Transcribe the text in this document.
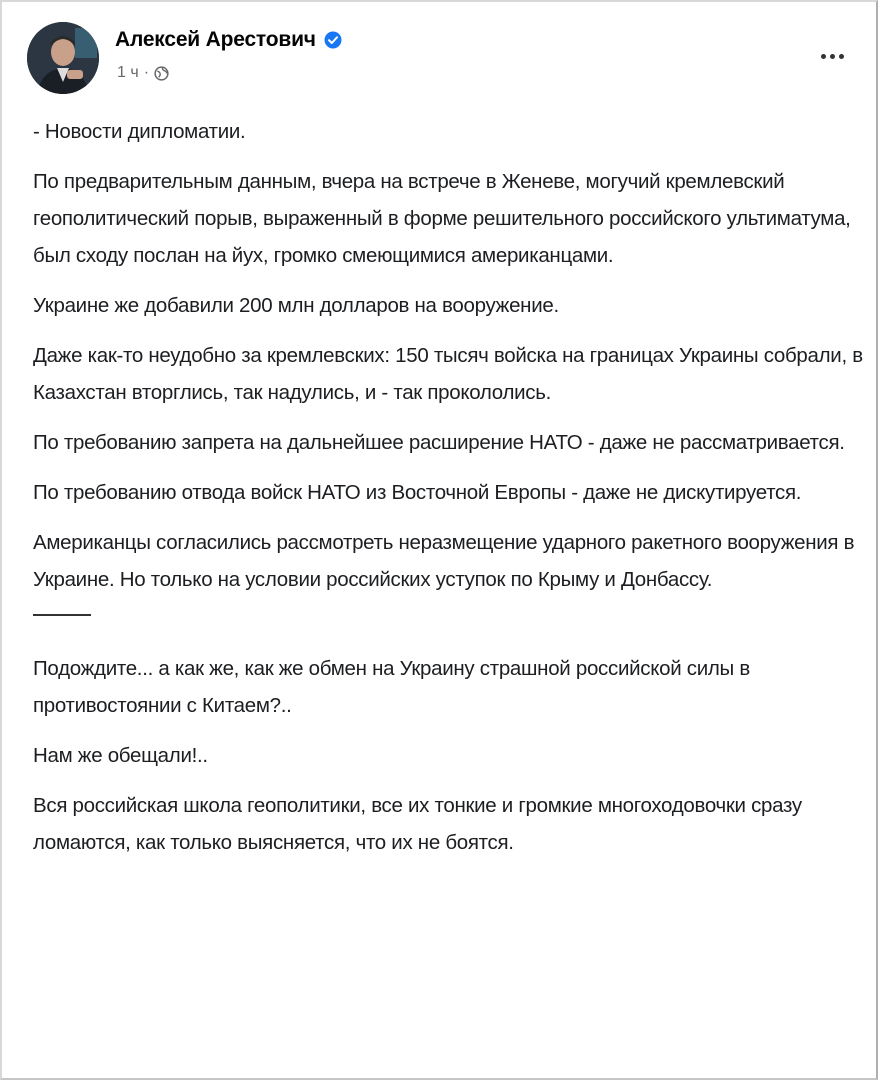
Алексей Арестович
1 ч ·

- Новости дипломатии.

По предварительным данным, вчера на встрече в Женеве, могучий кремлевский геополитический порыв, выраженный в форме решительного российского ультиматума, был сходу послан на йух, громко смеющимися американцами.

Украине же добавили 200 млн долларов на вооружение.

Даже как-то неудобно за кремлевских: 150 тысяч войска на границах Украины собрали, в Казахстан вторглись, так надулись, и - так прокололись.

По требованию запрета на дальнейшее расширение НАТО - даже не рассматривается.

По требованию отвода войск НАТО из Восточной Европы - даже не дискутируется.

Американцы согласились рассмотреть неразмещение ударного ракетного вооружения в Украине. Но только на условии российских уступок по Крыму и Донбассу.

Подождите... а как же, как же обмен на Украину страшной российской силы в противостоянии с Китаем?..

Нам же обещали!..

Вся российская школа геополитики, все их тонкие и громкие многоходовочки сразу ломаются, как только выясняется, что их не боятся.
